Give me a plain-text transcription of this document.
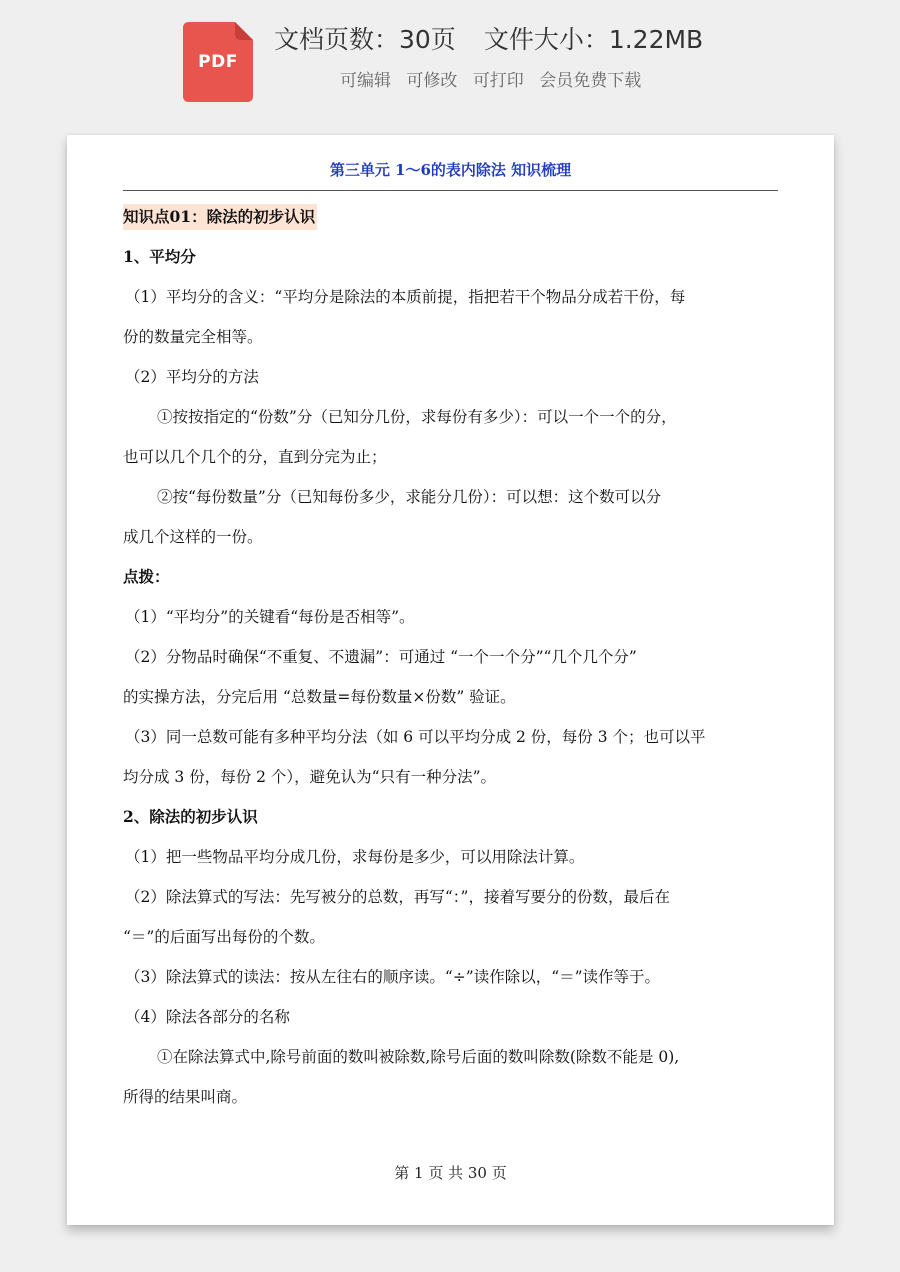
PDF
文档页数：30页 文件大小：1.22MB
可编辑 可修改 可打印 会员免费下载
第三单元 1～6的表内除法 知识梳理

知识点01：除法的初步认识

1、平均分

（1）平均分的含义：“平均分是除法的本质前提，指把若干个物品分成若干份，每

份的数量完全相等。

（2）平均分的方法

①按按指定的“份数”分（已知分几份，求每份有多少）：可以一个一个的分，

也可以几个几个的分，直到分完为止；

②按“每份数量”分（已知每份多少，求能分几份）：可以想：这个数可以分

成几个这样的一份。

点拨：

（1）“平均分”的关键看“每份是否相等”。

（2）分物品时确保“不重复、不遗漏”：可通过 “一个一个分”“几个几个分”

的实操方法，分完后用 “总数量=每份数量×份数” 验证。

（3）同一总数可能有多种平均分法（如 6 可以平均分成 2 份，每份 3 个；也可以平

均分成 3 份，每份 2 个），避免认为“只有一种分法”。

2、除法的初步认识

（1）把一些物品平均分成几份，求每份是多少，可以用除法计算。

（2）除法算式的写法：先写被分的总数，再写“：”，接着写要分的份数，最后在

“＝”的后面写出每份的个数。

（3）除法算式的读法：按从左往右的顺序读。“÷”读作除以，“＝”读作等于。

（4）除法各部分的名称

①在除法算式中,除号前面的数叫被除数,除号后面的数叫除数(除数不能是 0),

所得的结果叫商。

第 1 页 共 30 页
